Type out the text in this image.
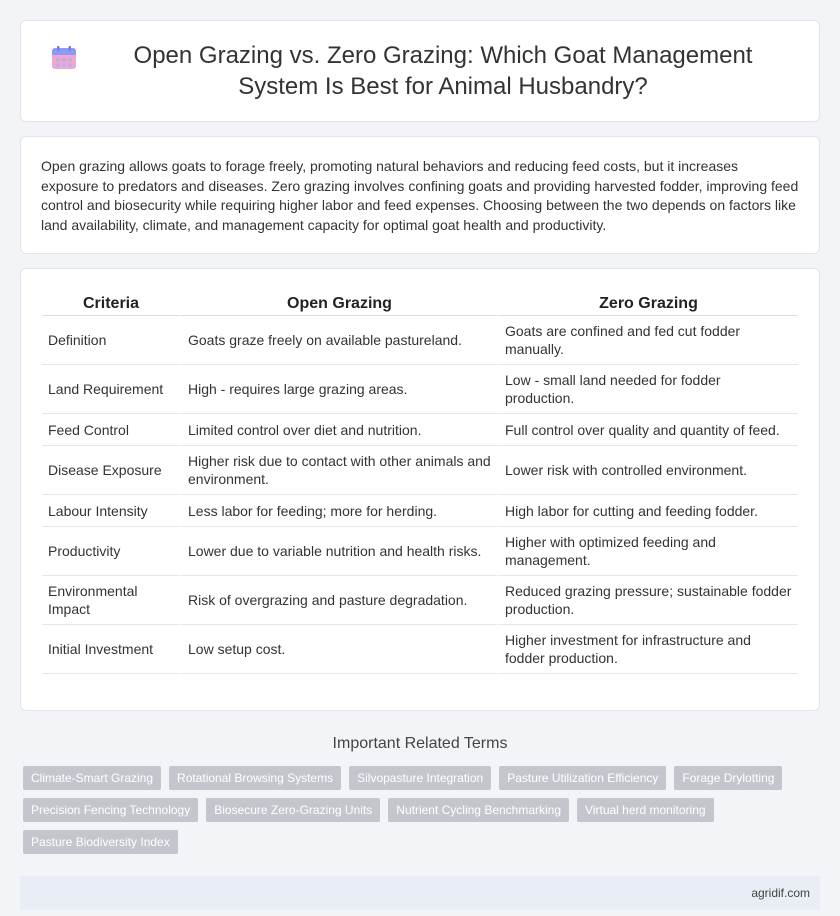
Open Grazing vs. Zero Grazing: Which Goat Management System Is Best for Animal Husbandry?

Open grazing allows goats to forage freely, promoting natural behaviors and reducing feed costs, but it increases exposure to predators and diseases. Zero grazing involves confining goats and providing harvested fodder, improving feed control and biosecurity while requiring higher labor and feed expenses. Choosing between the two depends on factors like land availability, climate, and management capacity for optimal goat health and productivity.

Criteria	Open Grazing	Zero Grazing
Definition	Goats graze freely on available pastureland.	Goats are confined and fed cut fodder manually.
Land Requirement	High - requires large grazing areas.	Low - small land needed for fodder production.
Feed Control	Limited control over diet and nutrition.	Full control over quality and quantity of feed.
Disease Exposure	Higher risk due to contact with other animals and environment.	Lower risk with controlled environment.
Labour Intensity	Less labor for feeding; more for herding.	High labor for cutting and feeding fodder.
Productivity	Lower due to variable nutrition and health risks.	Higher with optimized feeding and management.
Environmental Impact	Risk of overgrazing and pasture degradation.	Reduced grazing pressure; sustainable fodder production.
Initial Investment	Low setup cost.	Higher investment for infrastructure and fodder production.
Important Related Terms
Climate-Smart Grazing	Rotational Browsing Systems	Silvopasture Integration	Pasture Utilization Efficiency	Forage Drylotting
Precision Fencing Technology	Biosecure Zero-Grazing Units	Nutrient Cycling Benchmarking	Virtual herd monitoring
Pasture Biodiversity Index
agridif.com
